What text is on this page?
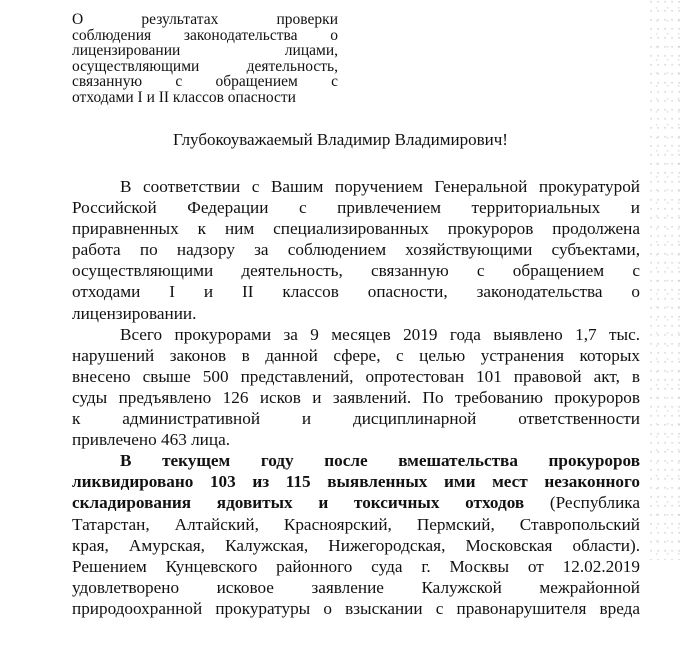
О результатах проверки
соблюдения законодательства о
лицензировании лицами,
осуществляющими деятельность,
связанную с обращением с
отходами I и II классов опасности
Глубокоуважаемый Владимир Владимирович!

В соответствии с Вашим поручением Генеральной прокуратурой
Российской Федерации с привлечением территориальных и
приравненных к ним специализированных прокуроров продолжена
работа по надзору за соблюдением хозяйствующими субъектами,
осуществляющими деятельность, связанную с обращением с
отходами I и II классов опасности, законодательства о
лицензировании.

Всего прокурорами за 9 месяцев 2019 года выявлено 1,7 тыс.
нарушений законов в данной сфере, с целью устранения которых
внесено свыше 500 представлений, опротестован 101 правовой акт, в
суды предъявлено 126 исков и заявлений. По требованию прокуроров
к административной и дисциплинарной ответственности
привлечено 463 лица.

В текущем году после вмешательства прокуроров
ликвидировано 103 из 115 выявленных ими мест незаконного
складирования ядовитых и токсичных отходов (Республика
Татарстан, Алтайский, Красноярский, Пермский, Ставропольский
края, Амурская, Калужская, Нижегородская, Московская области).
Решением Кунцевского районного суда г. Москвы от 12.02.2019
удовлетворено исковое заявление Калужской межрайонной
природоохранной прокуратуры о взыскании с правонарушителя вреда
